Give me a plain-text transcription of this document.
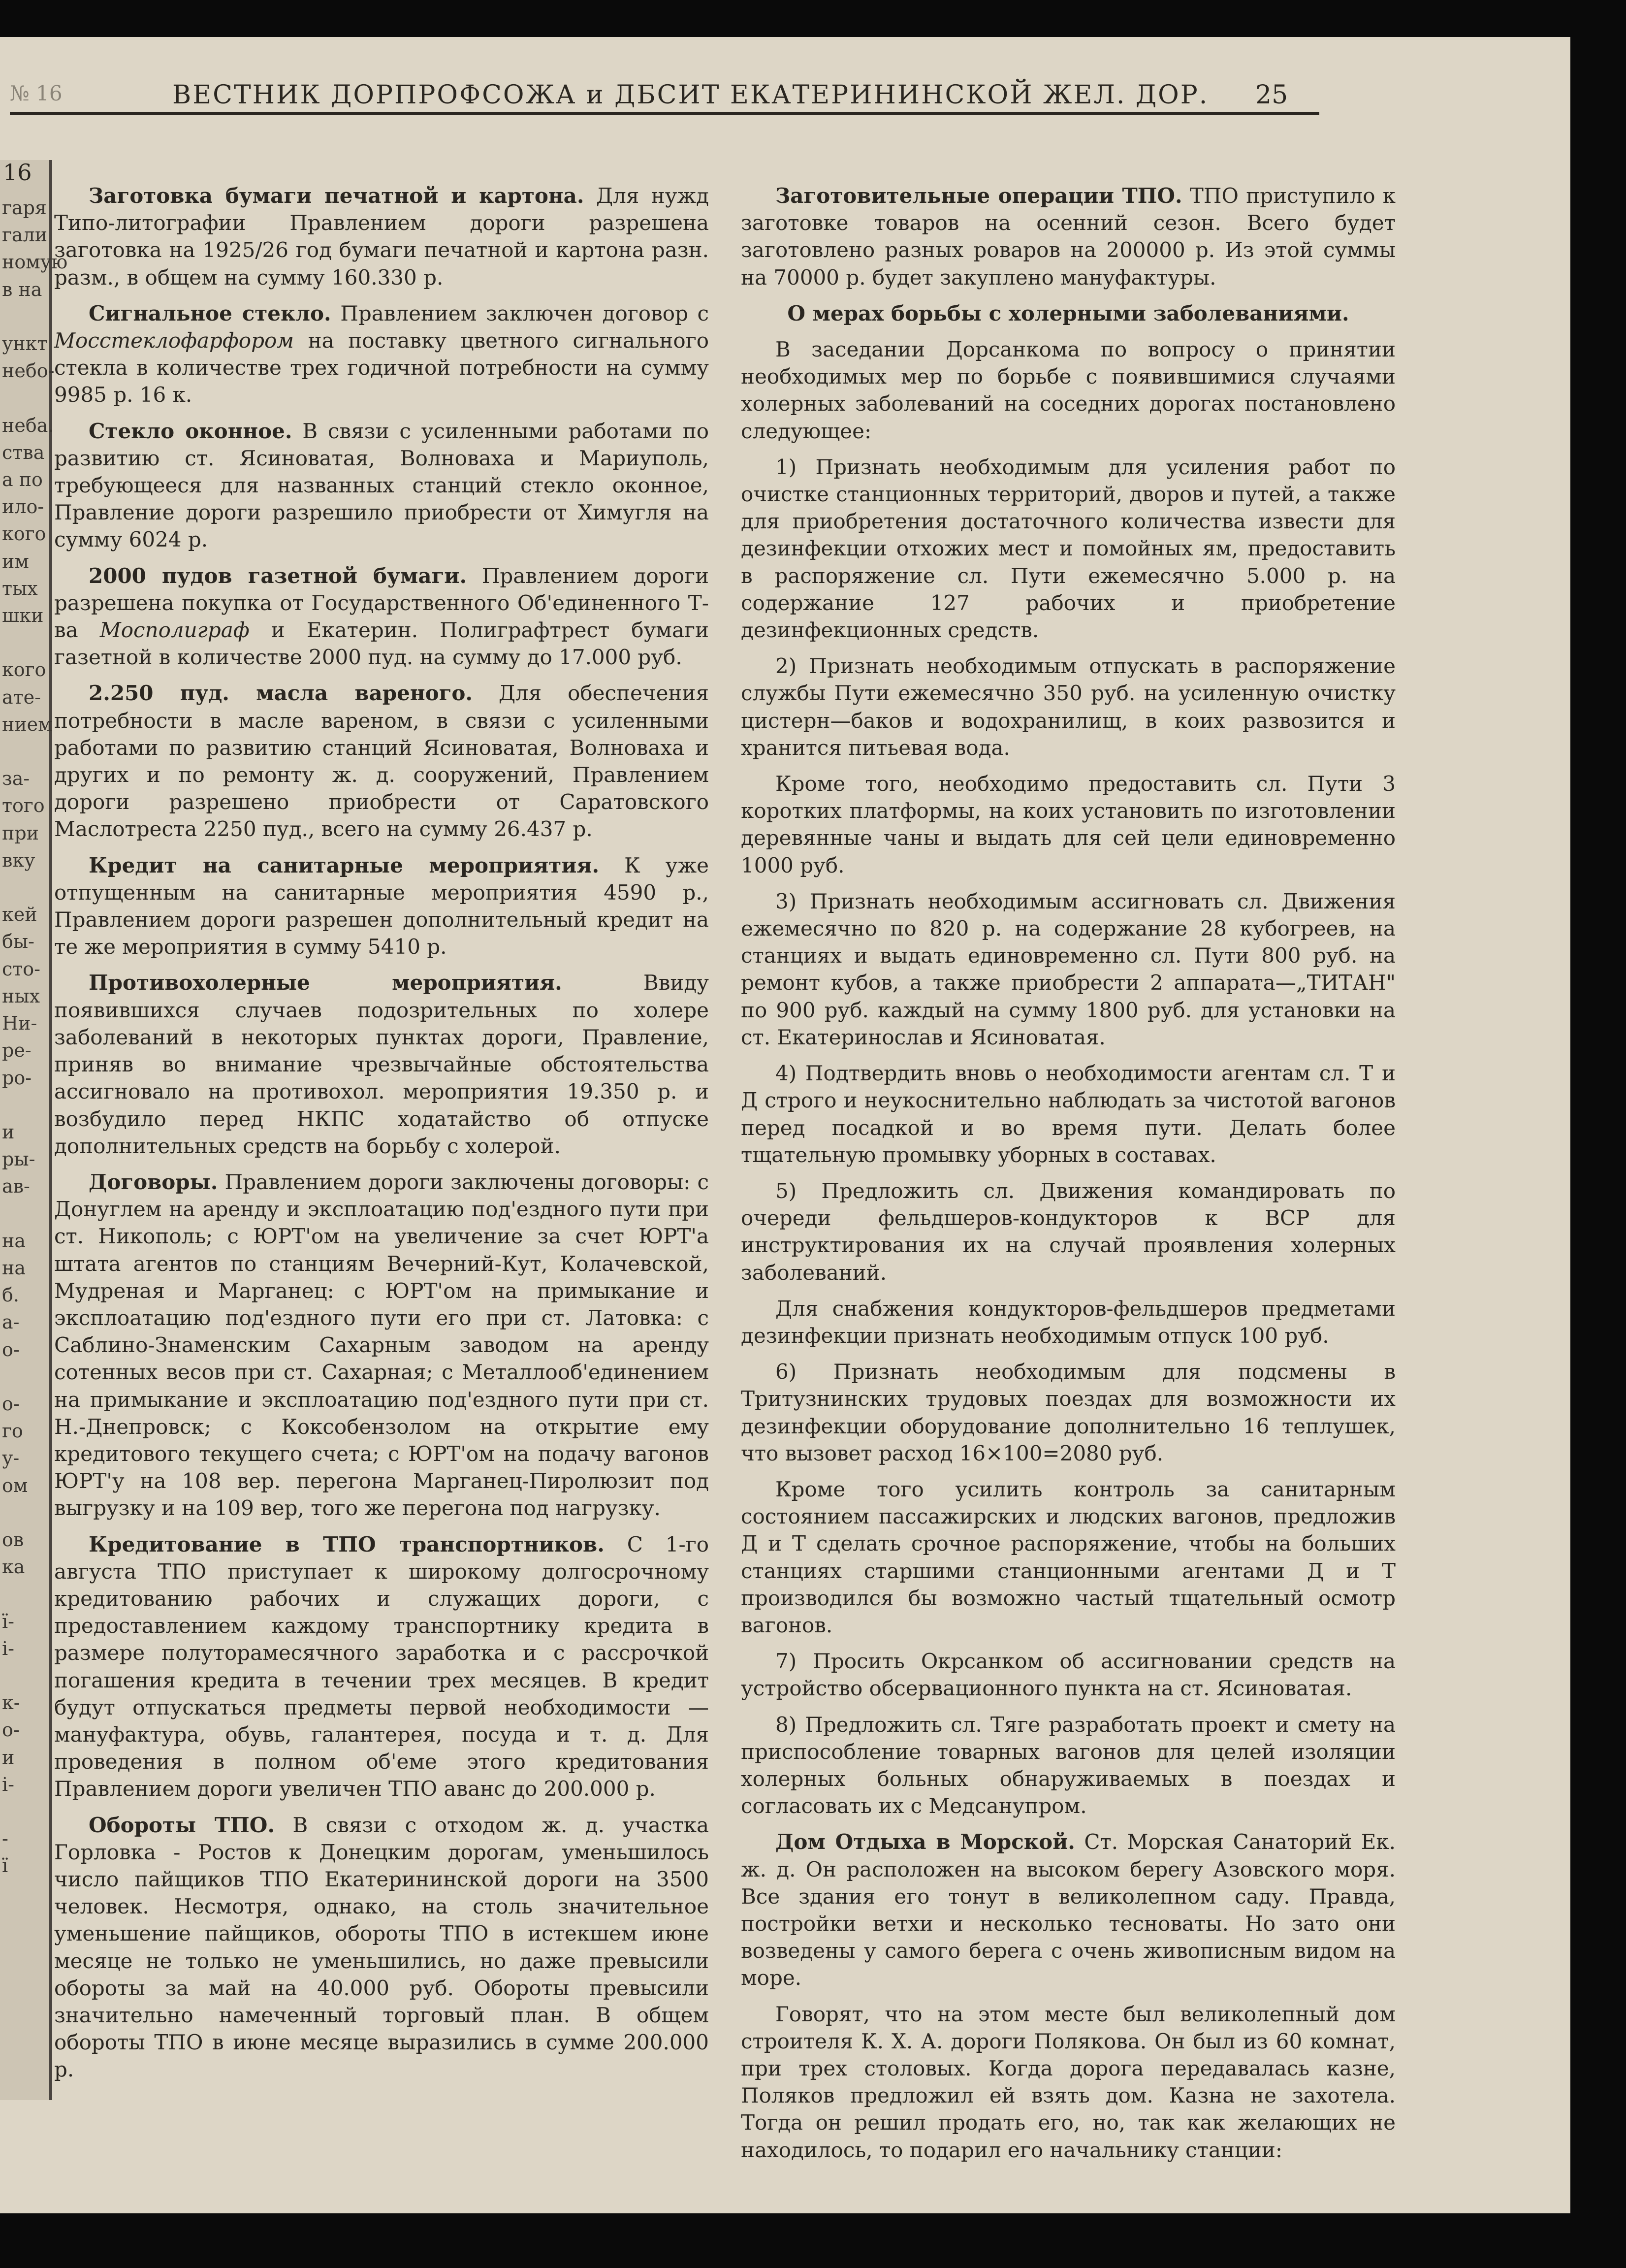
16
гаря
гали
номую
в на

ункт
небо-

неба.
ства
а по
ило-
кого
им
тых
шки

кого
ате-
нием

за-
того
при
вку

кей
бы-
сто-
ных
Ни-
ре-
ро-

и
ры-
ав-

на
на
б.
а-
о-

о-
го
у-
ом

ов
ка

ї-
і-

к-
о-
и
і-

-
ї
№ 16	ВЕСТНИК ДОРПРОФСОЖА и ДБСИТ ЕКАТЕРИНИНСКОЙ ЖЕЛ. ДОР. 25

Заготовка бумаги печатной и картона. Для нужд Типо-литографии Правлением дороги разрешена заготовка на 1925/26 год бумаги печатной и картона разн. разм., в общем на сумму 160.330 р.

Сигнальное стекло. Правлением заключен договор с Мосстеклофарфором на поставку цветного сигнального стекла в количестве трех годичной потребности на сумму 9985 р. 16 к.

Стекло оконное. В связи с усиленными работами по развитию ст. Ясиноватая, Волноваха и Мариуполь, требующееся для названных станций стекло оконное, Правление дороги разрешило приобрести от Химугля на сумму 6024 р.

2000 пудов газетной бумаги. Правлением дороги разрешена покупка от Государственного Об'единенного Т-ва Мосполиграф и Екатерин. Полиграфтрест бумаги газетной в количестве 2000 пуд. на сумму до 17.000 руб.

2.250 пуд. масла вареного. Для обеспечения потребности в масле вареном, в связи с усиленными работами по развитию станций Ясиноватая, Волноваха и других и по ремонту ж. д. сооружений, Правлением дороги разрешено приобрести от Саратовского Маслотреста 2250 пуд., всего на сумму 26.437 р.

Кредит на санитарные мероприятия. К уже отпущенным на санитарные мероприятия 4590 р., Правлением дороги разрешен дополнительный кредит на те же мероприятия в сумму 5410 р.

Противохолерные мероприятия. Ввиду появившихся случаев подозрительных по холере заболеваний в некоторых пунктах дороги, Правление, приняв во внимание чрезвычайные обстоятельства ассигновало на противохол. мероприятия 19.350 р. и возбудило перед НКПС ходатайство об отпуске дополнительных средств на борьбу с холерой.

Договоры. Правлением дороги заключены договоры: с Донуглем на аренду и эксплоатацию под'ездного пути при ст. Никополь; с ЮРТ'ом на увеличение за счет ЮРТ'а штата агентов по станциям Вечерний-Кут, Колачевской, Мудреная и Марганец: с ЮРТ'ом на примыкание и эксплоатацию под'ездного пути его при ст. Латовка: с Саблино-Знаменским Сахарным заводом на аренду сотенных весов при ст. Сахарная; с Металлооб'единением на примыкание и эксплоатацию под'ездного пути при ст. Н.-Днепровск; с Коксобензолом на открытие ему кредитового текущего счета; с ЮРТ'ом на подачу вагонов ЮРТ'у на 108 вер. перегона Марганец-Пиролюзит под выгрузку и на 109 вер, того же перегона под нагрузку.

Кредитование в ТПО транспортников. С 1-го августа ТПО приступает к широкому долгосрочному кредитованию рабочих и служащих дороги, с предоставлением каждому транспортнику кредита в размере полуторамесячного заработка и с рассрочкой погашения кредита в течении трех месяцев. В кредит будут отпускаться предметы первой необходимости — мануфактура, обувь, галантерея, посуда и т. д. Для проведения в полном об'еме этого кредитования Правлением дороги увеличен ТПО аванс до 200.000 р.

Обороты ТПО. В связи с отходом ж. д. участка Горловка - Ростов к Донецким дорогам, уменьшилось число пайщиков ТПО Екатерининской дороги на 3500 человек. Несмотря, однако, на столь значительное уменьшение пайщиков, обороты ТПО в истекшем июне месяце не только не уменьшились, но даже превысили обороты за май на 40.000 руб. Обороты превысили значительно намеченный торговый план. В общем обороты ТПО в июне месяце выразились в сумме 200.000 р.

Заготовительные операции ТПО. ТПО приступило к заготовке товаров на осенний сезон. Всего будет заготовлено разных роваров на 200000 р. Из этой суммы на 70000 р. будет закуплено мануфактуры.

О мерах борьбы с холерными заболеваниями.

В заседании Дорсанкома по вопросу о принятии необходимых мер по борьбе с появившимися случаями холерных заболеваний на соседних дорогах постановлено следующее:

1) Признать необходимым для усиления работ по очистке станционных территорий, дворов и путей, а также для приобретения достаточного количества извести для дезинфекции отхожих мест и помойных ям, предоставить в распоряжение сл. Пути ежемесячно 5.000 р. на содержание 127 рабочих и приобретение дезинфекционных средств.

2) Признать необходимым отпускать в распоряжение службы Пути ежемесячно 350 руб. на усиленную очистку цистерн—баков и водохранилищ, в коих развозится и хранится питьевая вода.

Кроме того, необходимо предоставить сл. Пути 3 коротких платформы, на коих установить по изготовлении деревянные чаны и выдать для сей цели единовременно 1000 руб.

3) Признать необходимым ассигновать сл. Движения ежемесячно по 820 р. на содержание 28 кубогреев, на станциях и выдать единовременно сл. Пути 800 руб. на ремонт кубов, а также приобрести 2 аппарата—„ТИТАН" по 900 руб. каждый на сумму 1800 руб. для установки на ст. Екатеринослав и Ясиноватая.

4) Подтвердить вновь о необходимости агентам сл. Т и Д строго и неукоснительно наблюдать за чистотой вагонов перед посадкой и во время пути. Делать более тщательную промывку уборных в составах.

5) Предложить сл. Движения командировать по очереди фельдшеров-кондукторов к ВСР для инструктирования их на случай проявления холерных заболеваний.

Для снабжения кондукторов-фельдшеров предметами дезинфекции признать необходимым отпуск 100 руб.

6) Признать необходимым для подсмены в Тритузнинских трудовых поездах для возможности их дезинфекции оборудование дополнительно 16 теплушек, что вызовет расход 16×100=2080 руб.

Кроме того усилить контроль за санитарным состоянием пассажирских и людских вагонов, предложив Д и Т сделать срочное распоряжение, чтобы на больших станциях старшими станционными агентами Д и Т производился бы возможно частый тщательный осмотр вагонов.

7) Просить Окрсанком об ассигновании средств на устройство обсервационного пункта на ст. Ясиноватая.

8) Предложить сл. Тяге разработать проект и смету на приспособление товарных вагонов для целей изоляции холерных больных обнаруживаемых в поездах и согласовать их с Медсанупром.

Дом Отдыха в Морской. Ст. Морская Санаторий Ек. ж. д. Он расположен на высоком берегу Азовского моря. Все здания его тонут в великолепном саду. Правда, постройки ветхи и несколько тесноваты. Но зато они возведены у самого берега с очень живописным видом на море.

Говорят, что на этом месте был великолепный дом строителя К. Х. А. дороги Полякова. Он был из 60 комнат, при трех столовых. Когда дорога передавалась казне, Поляков предложил ей взять дом. Казна не захотела. Тогда он решил продать его, но, так как желающих не находилось, то подарил его начальнику станции:
